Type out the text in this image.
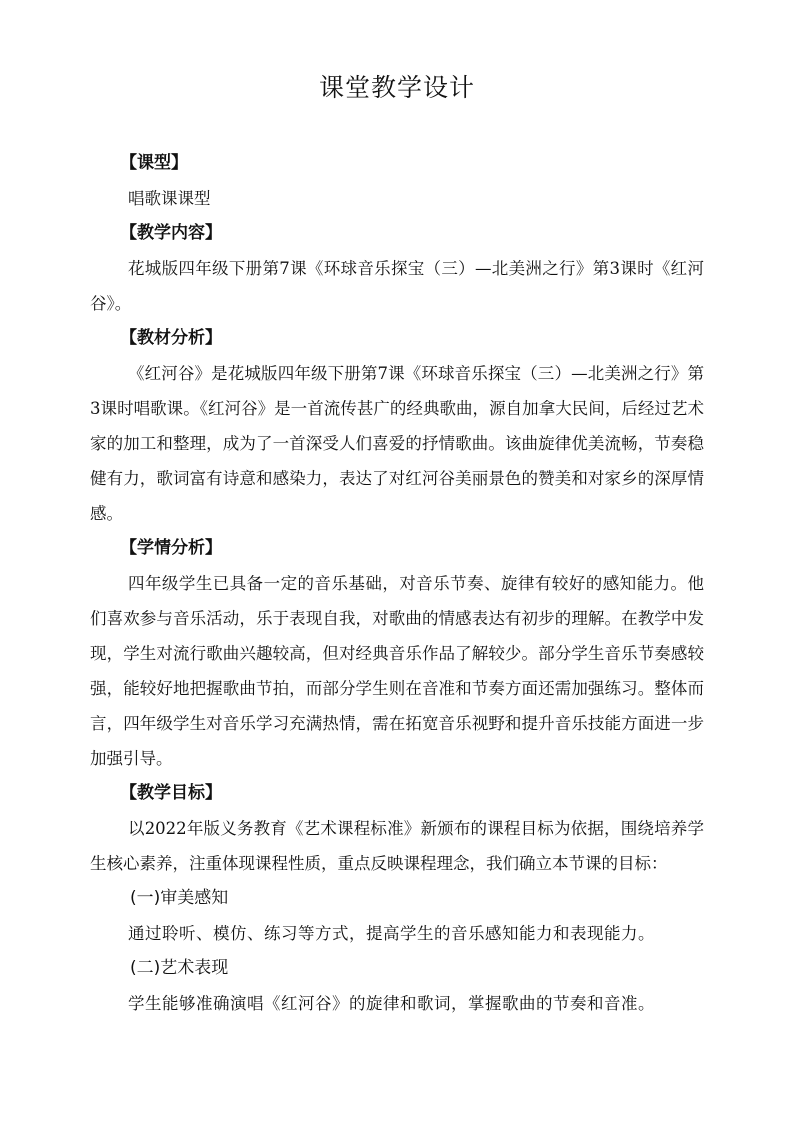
课堂教学设计
【课型】

唱歌课课型

【教学内容】

花城版四年级下册第7课《环球音乐探宝（三）—北美洲之行》第3课时《红河谷》。

【教材分析】

《红河谷》是花城版四年级下册第7课《环球音乐探宝（三）—北美洲之行》第3课时唱歌课。《红河谷》是一首流传甚广的经典歌曲，源自加拿大民间，后经过艺术家的加工和整理，成为了一首深受人们喜爱的抒情歌曲。该曲旋律优美流畅，节奏稳健有力，歌词富有诗意和感染力，表达了对红河谷美丽景色的赞美和对家乡的深厚情感。

【学情分析】

四年级学生已具备一定的音乐基础，对音乐节奏、旋律有较好的感知能力。他们喜欢参与音乐活动，乐于表现自我，对歌曲的情感表达有初步的理解。在教学中发现，学生对流行歌曲兴趣较高，但对经典音乐作品了解较少。部分学生音乐节奏感较强，能较好地把握歌曲节拍，而部分学生则在音准和节奏方面还需加强练习。整体而言，四年级学生对音乐学习充满热情，需在拓宽音乐视野和提升音乐技能方面进一步加强引导。

【教学目标】

以2022年版义务教育《艺术课程标准》新颁布的课程目标为依据，围绕培养学生核心素养，注重体现课程性质，重点反映课程理念，我们确立本节课的目标：

(一)审美感知

通过聆听、模仿、练习等方式，提高学生的音乐感知能力和表现能力。

(二)艺术表现

学生能够准确演唱《红河谷》的旋律和歌词，掌握歌曲的节奏和音准。
